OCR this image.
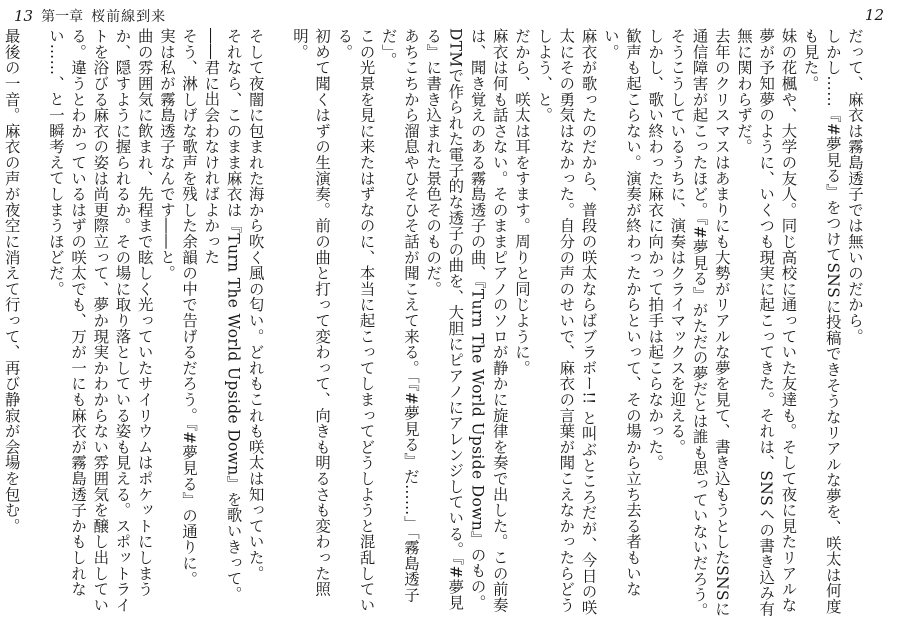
13 第一章 桜前線到来	12

だって、麻衣は霧島透子では無いのだから。

しかし……『#夢見る』をつけてSNSに投稿できそうなリアルな夢を、咲太は何度も見た。

妹の花楓や、大学の友人。同じ高校に通っていた友達も。そして夜に見たリアルな夢が予知夢のように、いくつも現実に起こってきた。それは、SNSへの書き込み有無に関わらずだ。

去年のクリスマスはあまりにも大勢がリアルな夢を見て、書き込もうとしたSNSに通信障害が起こったほど。『#夢見る』がただの夢だとは誰も思っていないだろう。

そうこうしているうちに、演奏はクライマックスを迎える。

しかし、歌い終わった麻衣に向かって拍手は起こらなかった。

歓声も起こらない。演奏が終わったからといって、その場から立ち去る者もいない。

麻衣が歌ったのだから、普段の咲太ならばブラボー!! と叫ぶところだが、今日の咲太にその勇気はなかった。自分の声のせいで、麻衣の言葉が聞こえなかったらどうしよう、と。

だから、咲太は耳をすます。周りと同じように。

麻衣は何も話さない。そのままピアノのソロが静かに旋律を奏で出した。この前奏は、聞き覚えのある霧島透子の曲、『Turn The World Upside Down』のもの。DTMで作られた電子的な透子の曲を、大胆にピアノにアレンジしている。『#夢見る』に書き込まれた景色そのものだ。

あちこちから溜息やひそひそ話が聞こえて来る。「『#夢見る』だ……」「霧島透子だ」。

この光景を見に来たはずなのに、本当に起こってしまってどうしようと混乱している。

初めて聞くはずの生演奏。前の曲と打って変わって、向きも明るさも変わった照明。

そして夜闇に包まれた海から吹く風の匂い。どれもこれも咲太は知っていた。

それなら、このまま麻衣は『Turn The World Upside Down』を歌いきって。

――君に出会わなければよかった

そう、淋しげな歌声を残した余韻の中で告げるだろう。『#夢見る』の通りに。

実は私が霧島透子なんです――と。

曲の雰囲気に飲まれ、先程まで眩しく光っていたサイリウムはポケットにしまうか、隠すように握られるか。その場に取り落としている姿も見える。スポットライトを浴びる麻衣の姿は尚更際立って、夢か現実かわからない雰囲気を醸し出している。違うとわかっているはずの咲太でも、万が一にも麻衣が霧島透子かもしれない……、と一瞬考えてしまうほどだ。

最後の一音。麻衣の声が夜空に消えて行って、再び静寂が会場を包む。
